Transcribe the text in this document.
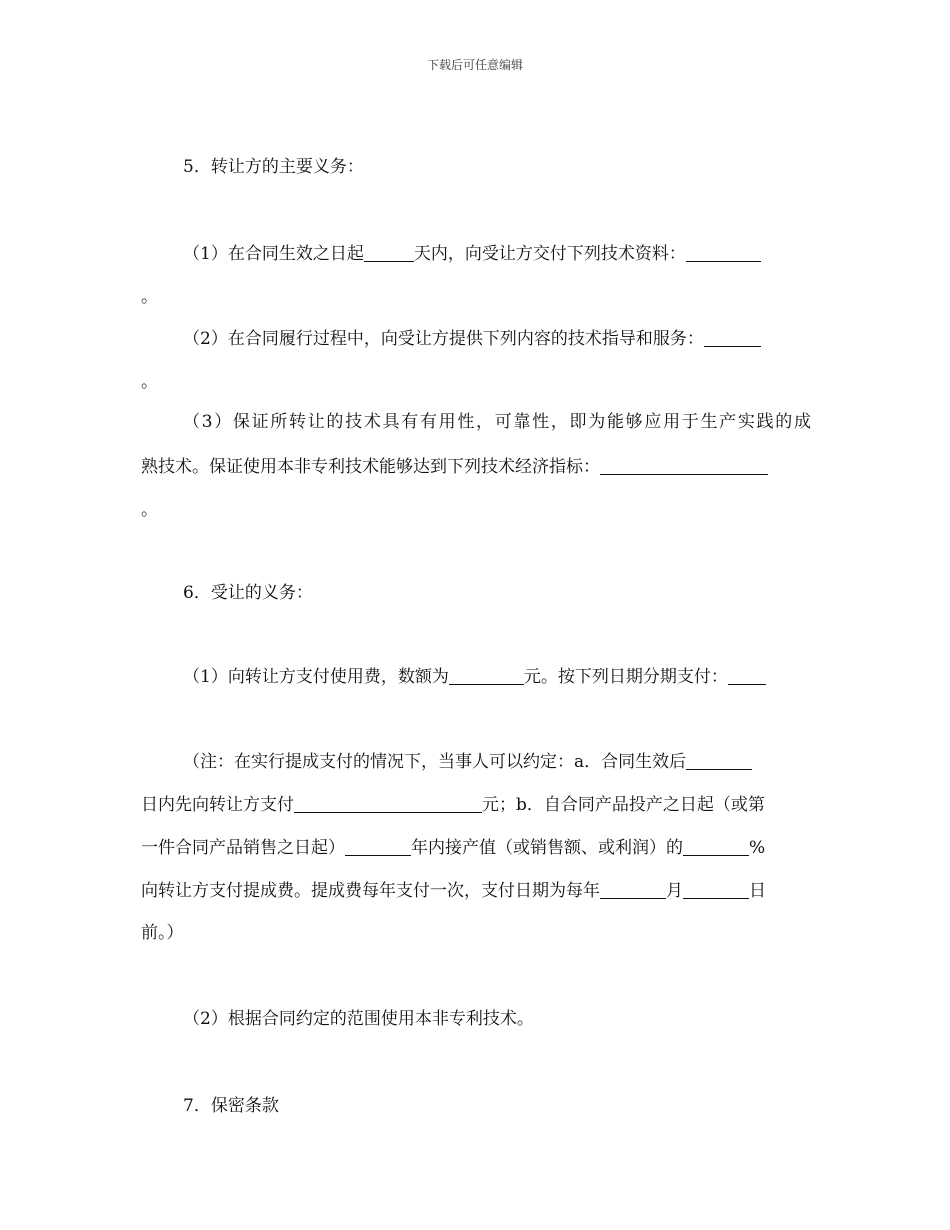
下载后可任意编辑
5．转让方的主要义务：
（1）在合同生效之日起	天内，向受让方交付下列技术资料：
。
（2）在合同履行过程中，向受让方提供下列内容的技术指导和服务：
。
（3）保证所转让的技术具有有用性，可靠性，即为能够应用于生产实践的成
熟技术。保证使用本非专利技术能够达到下列技术经济指标：
。
6．受让的义务：
（1）向转让方支付使用费，数额为	元。按下列日期分期支付：
（注：在实行提成支付的情况下，当事人可以约定：a．合同生效后
日内先向转让方支付	元；b．自合同产品投产之日起（或第
一件合同产品销售之日起）	年内接产值（或销售额、或利润）的	%
向转让方支付提成费。提成费每年支付一次，支付日期为每年	月	日
前。）
（2）根据合同约定的范围使用本非专利技术。
7．保密条款
